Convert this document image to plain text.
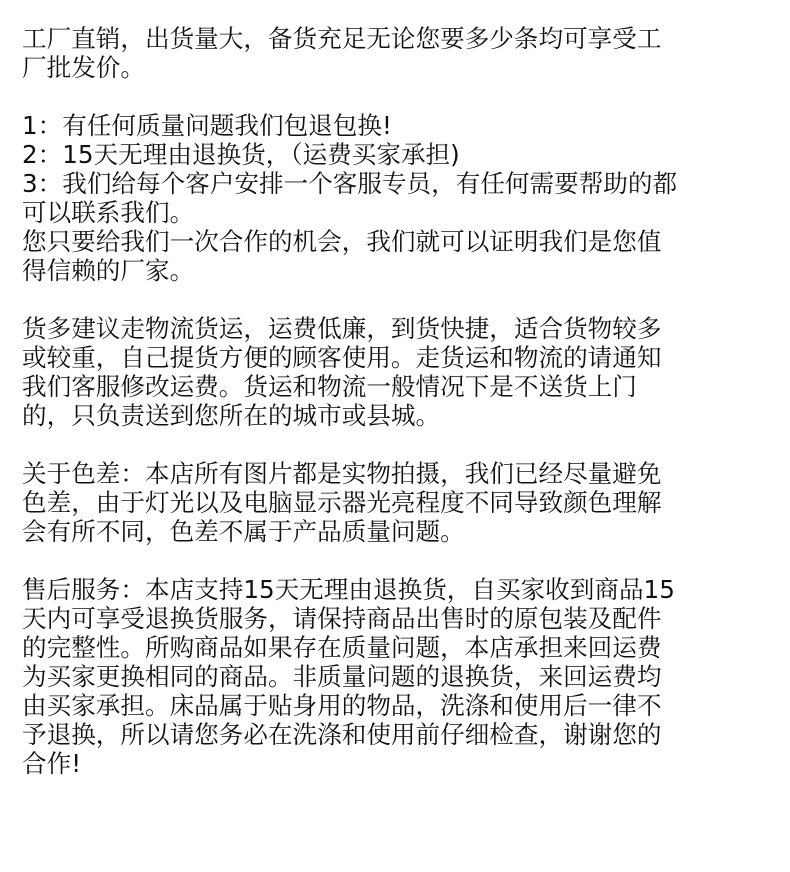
工厂直销，出货量大，备货充足无论您要多少条均可享受工
厂批发价。
1：有任何质量问题我们包退包换!
2：15天无理由退换货，（运费买家承担)
3：我们给每个客户安排一个客服专员，有任何需要帮助的都
可以联系我们。
您只要给我们一次合作的机会，我们就可以证明我们是您值
得信赖的厂家。
货多建议走物流货运，运费低廉，到货快捷，适合货物较多
或较重，自己提货方便的顾客使用。走货运和物流的请通知
我们客服修改运费。货运和物流一般情况下是不送货上门
的，只负责送到您所在的城市或县城。
关于色差：本店所有图片都是实物拍摄，我们已经尽量避免
色差，由于灯光以及电脑显示器光亮程度不同导致颜色理解
会有所不同，色差不属于产品质量问题。
售后服务：本店支持15天无理由退换货，自买家收到商品15
天内可享受退换货服务，请保持商品出售时的原包装及配件
的完整性。所购商品如果存在质量问题，本店承担来回运费
为买家更换相同的商品。非质量问题的退换货，来回运费均
由买家承担。床品属于贴身用的物品，洗涤和使用后一律不
予退换，所以请您务必在洗涤和使用前仔细检查，谢谢您的
合作!
